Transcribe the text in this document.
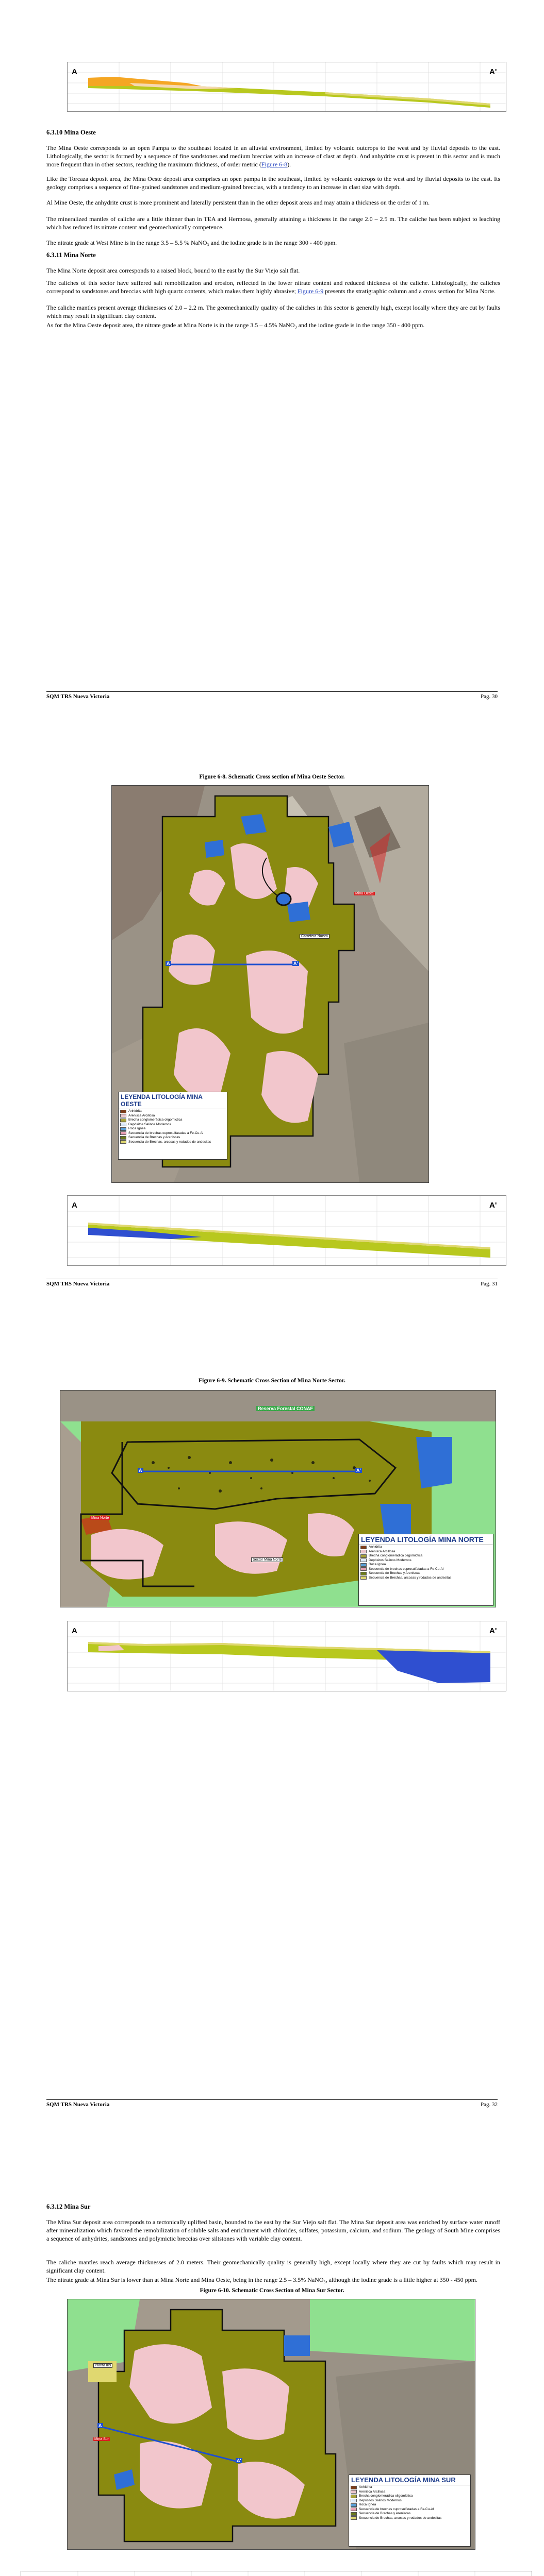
A	A'
6.3.10 Mina Oeste

The Mina Oeste corresponds to an open Pampa to the southeast located in an alluvial environment, limited by volcanic outcrops to the west and by fluvial deposits to the east. Lithologically, the sector is formed by a sequence of fine sandstones and medium breccias with an increase of clast at depth. And anhydrite crust is present in this sector and is much more frequent than in other sectors, reaching the maximum thickness, of order metric (Figure 6-8).

Like the Torcaza deposit area, the Mina Oeste deposit area comprises an open pampa in the southeast, limited by volcanic outcrops to the west and by fluvial deposits to the east. Its geology comprises a sequence of fine-grained sandstones and medium-grained breccias, with a tendency to an increase in clast size with depth.

Al Mine Oeste, the anhydrite crust is more prominent and laterally persistent than in the other deposit areas and may attain a thickness on the order of 1 m.

The mineralized mantles of caliche are a little thinner than in TEA and Hermosa, generally attaining a thickness in the range 2.0 – 2.5 m. The caliche has been subject to leaching which has reduced its nitrate content and geomechanically competence.

The nitrate grade at West Mine is in the range 3.5 – 5.5 % NaNO₃ and the iodine grade is in the range 300 - 400 ppm.

6.3.11 Mina Norte

The Mina Norte deposit area corresponds to a raised block, bound to the east by the Sur Viejo salt flat.

The caliches of this sector have suffered salt remobilization and erosion, reflected in the lower nitrate content and reduced thickness of the caliche. Lithologically, the caliches correspond to sandstones and breccias with high quartz contents, which makes them highly abrasive; Figure 6-9 presents the stratigraphic column and a cross section for Mina Norte.

The caliche mantles present average thicknesses of 2.0 – 2.2 m. The geomechanically quality of the caliches in this sector is generally high, except locally where they are cut by faults which may result in significant clay content.

As for the Mina Oeste deposit area, the nitrate grade at Mina Norte is in the range 3.5 – 4.5% NaNO₃ and the iodine grade is in the range 350 - 400 ppm.

SQM TRS Nueva Victoria	Pag. 30
Figure 6-8. Schematic Cross section of Mina Oeste Sector.
A	A'
Mina Oeste
Carretera Nueva
LEYENDA LITOLOGÍA MINA OESTE
Anhidrita
Arenisca Arcillosa
Brecha conglomerádica oligomíctica
Depósitos Salinos Modernos
Roca ígnea
Secuencia de brechas cuprosulfatadas a Fe-Cu-Al
Secuencia de Brechas y Areniscas
Secuencia de Brechas, arcosas y rodados de andesitas
A	A'
SQM TRS Nueva Victoria	Pag. 31
Figure 6-9. Schematic Cross Section of Mina Norte Sector.
Reserva Forestal CONAF
Mina Norte
Sector Mina Norte
A	A'
LEYENDA LITOLOGÍA MINA NORTE
Anhidrita
Arenisca Arcillosa
Brecha conglomerádica oligomíctica
Depósitos Salinos Modernos
Roca ígnea
Secuencia de brechas cuprosulfatadas a Fe-Cu-Al
Secuencia de Brechas y Areniscas
Secuencia de Brechas, arcosas y rodados de andesitas
A	A'
SQM TRS Nueva Victoria	Pag. 32
6.3.12 Mina Sur

The Mina Sur deposit area corresponds to a tectonically uplifted basin, bounded to the east by the Sur Viejo salt flat. The Mina Sur deposit area was enriched by surface water runoff after mineralization which favored the remobilization of soluble salts and enrichment with chlorides, sulfates, potassium, calcium, and sodium. The geology of South Mine comprises a sequence of anhydrites, sandstones and polymictic breccias over siltstones with variable clay content.

The caliche mantles reach average thicknesses of 2.0 meters. Their geomechanically quality is generally high, except locally where they are cut by faults which may result in significant clay content.

The nitrate grade at Mina Sur is lower than at Mina Norte and Mina Oeste, being in the range 2.5 – 3.5% NaNO₃, although the iodine grade is a little higher at 350 - 450 ppm.

Figure 6-10. Schematic Cross Section of Mina Sur Sector.
Planta Iris
Mina Sur
A
A'
LEYENDA LITOLOGÍA MINA SUR
Anhidrita
Arenisca Arcillosa
Brecha conglomerádica oligomíctica
Depósitos Salinos Modernos
Roca ígnea
Secuencia de brechas cuprosulfatadas a Fe-Cu-Al
Secuencia de Brechas y Areniscas
Secuencia de Brechas, arcosas y rodados de andesitas
